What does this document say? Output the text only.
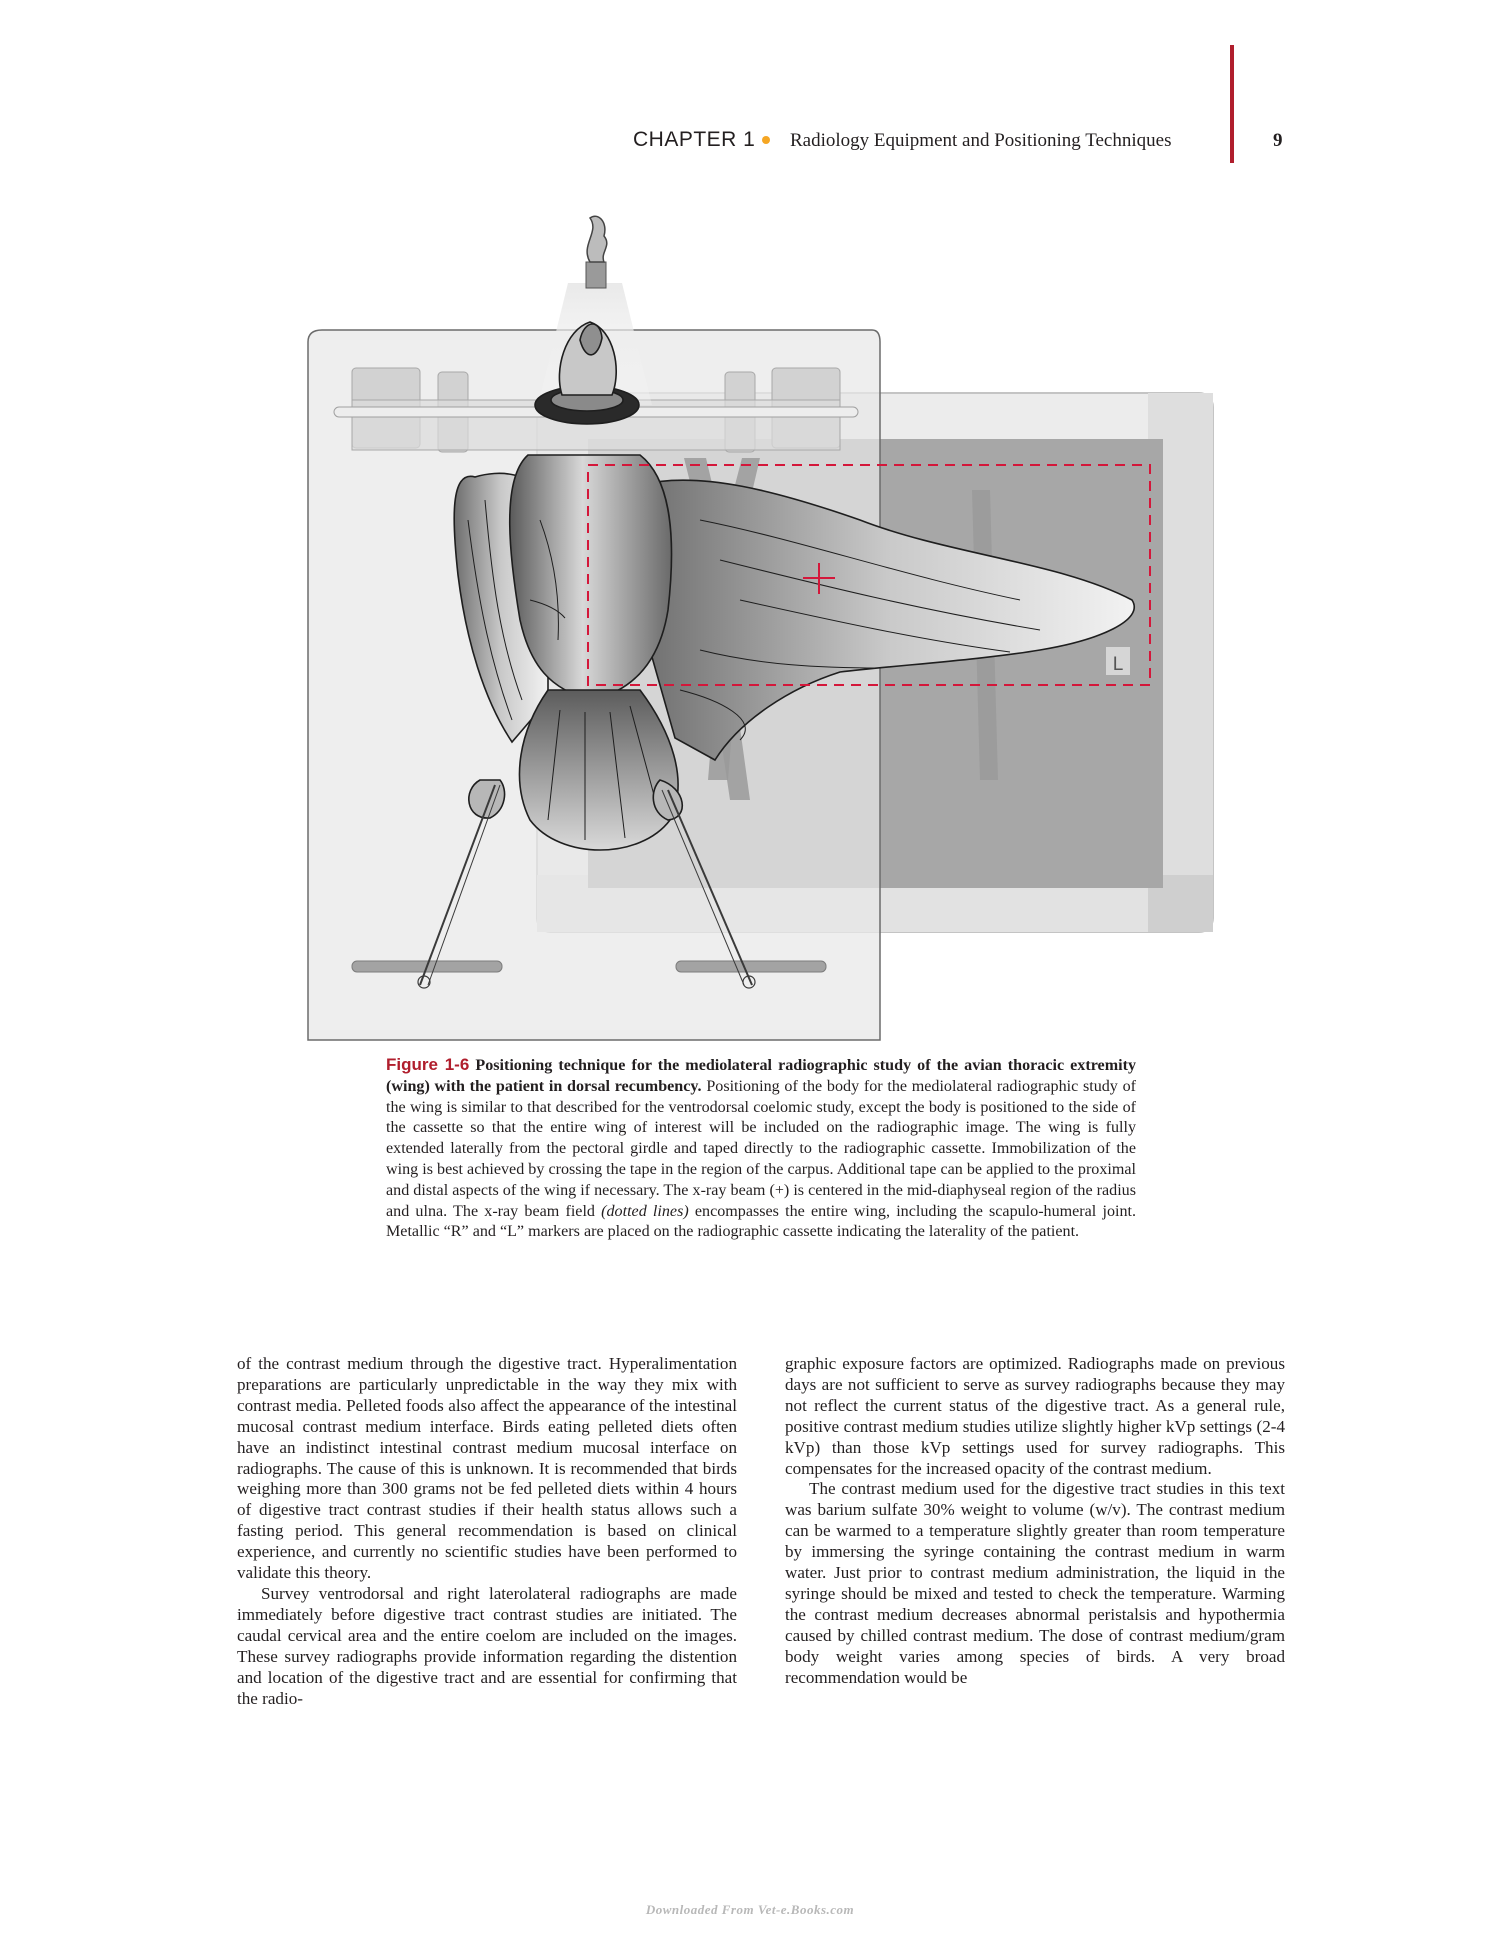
CHAPTER 1 Radiology Equipment and Positioning Techniques	9
L
Figure 1-6 Positioning technique for the mediolateral radiographic study of the avian thoracic extremity (wing) with the patient in dorsal recumbency. Positioning of the body for the mediolateral radiographic study of the wing is similar to that described for the ventrodorsal coelomic study, except the body is positioned to the side of the cassette so that the entire wing of interest will be included on the radiographic image. The wing is fully extended laterally from the pectoral girdle and taped directly to the radiographic cassette. Immobilization of the wing is best achieved by crossing the tape in the region of the carpus. Additional tape can be applied to the proximal and distal aspects of the wing if necessary. The x-ray beam (+) is centered in the mid-diaphyseal region of the radius and ulna. The x-ray beam field (dotted lines) encompasses the entire wing, including the scapulo-humeral joint. Metallic “R” and “L” markers are placed on the radiographic cassette indicating the laterality of the patient.

of the contrast medium through the digestive tract. Hyperalimentation preparations are particularly unpredictable in the way they mix with contrast media. Pelleted foods also affect the appearance of the intestinal mucosal contrast medium interface. Birds eating pelleted diets often have an indistinct intestinal contrast medium mucosal interface on radiographs. The cause of this is unknown. It is recommended that birds weighing more than 300 grams not be fed pelleted diets within 4 hours of digestive tract contrast studies if their health status allows such a fasting period. This general recommendation is based on clinical experience, and currently no scientific studies have been performed to validate this theory.

Survey ventrodorsal and right laterolateral radiographs are made immediately before digestive tract contrast studies are initiated. The caudal cervical area and the entire coelom are included on the images. These survey radiographs provide information regarding the distention and location of the digestive tract and are essential for confirming that the radio-

graphic exposure factors are optimized. Radiographs made on previous days are not sufficient to serve as survey radiographs because they may not reflect the current status of the digestive tract. As a general rule, positive contrast medium studies utilize slightly higher kVp settings (2-4 kVp) than those kVp settings used for survey radiographs. This compensates for the increased opacity of the contrast medium.

The contrast medium used for the digestive tract studies in this text was barium sulfate 30% weight to volume (w/v). The contrast medium can be warmed to a temperature slightly greater than room temperature by immersing the syringe containing the contrast medium in warm water. Just prior to contrast medium administration, the liquid in the syringe should be mixed and tested to check the temperature. Warming the contrast medium decreases abnormal peristalsis and hypothermia caused by chilled contrast medium. The dose of contrast medium/gram body weight varies among species of birds. A very broad recommendation would be

Downloaded From Vet-e.Books.com
